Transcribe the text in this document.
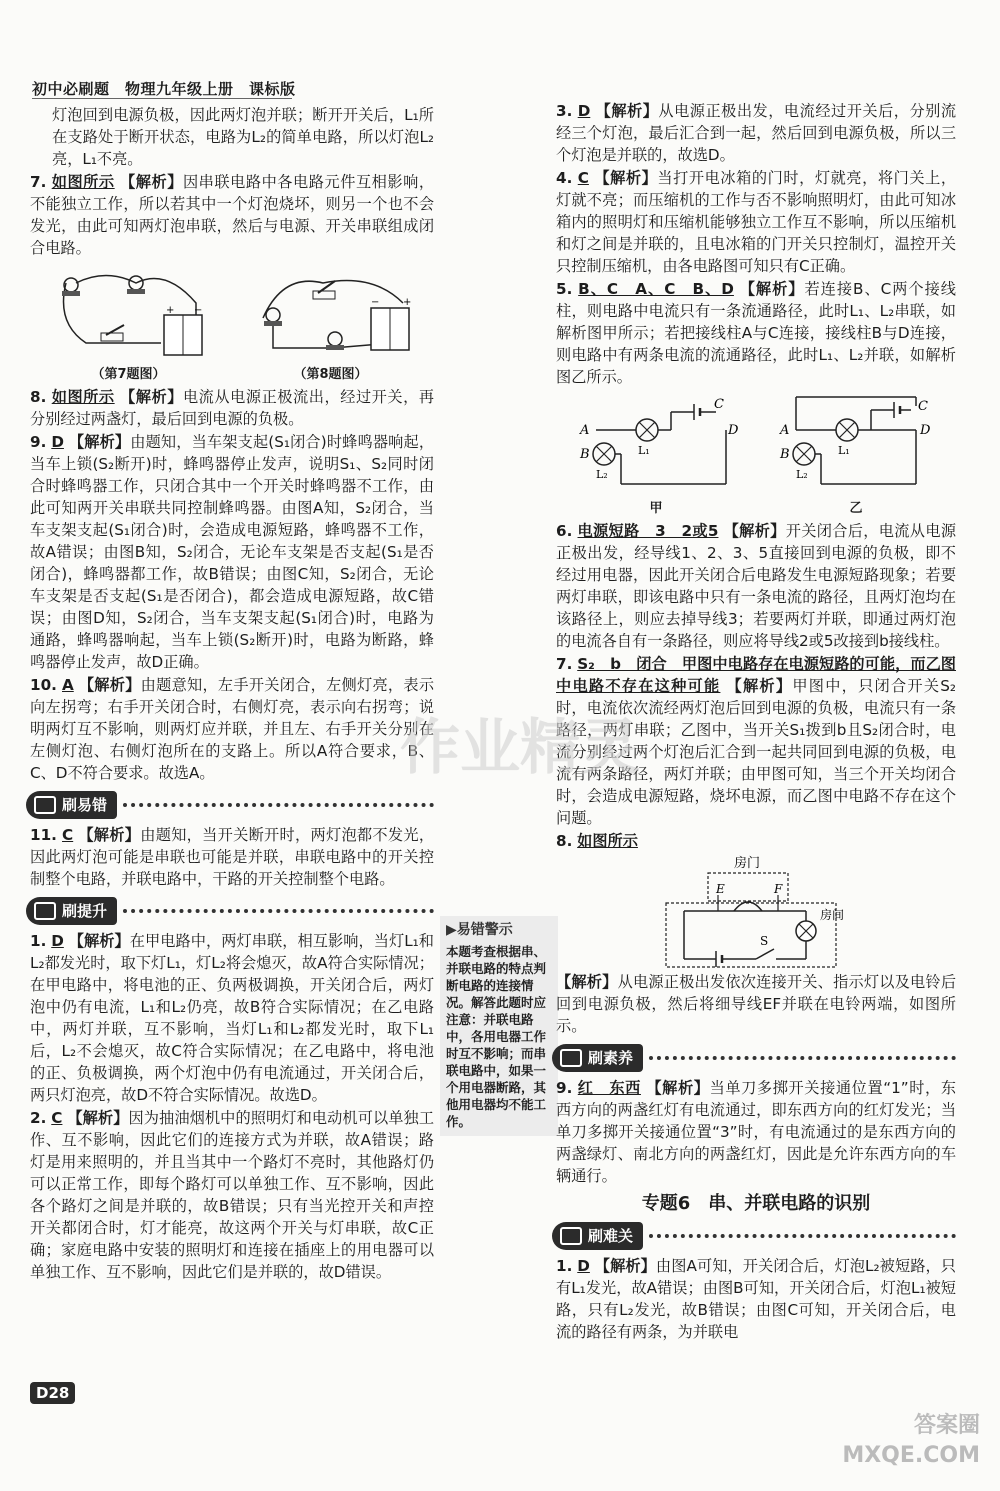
初中必刷题　物理九年级上册　课标版

灯泡回到电源负极，因此两灯泡并联；断开开关后，L₁所在支路处于断开状态，电路为L₂的简单电路，所以灯泡L₂亮，L₁不亮。

7. 如图所示 【解析】因串联电路中各电路元件互相影响，不能独立工作，所以若其中一个灯泡烧坏，则另一个也不会发光，由此可知两灯泡串联，然后与电源、开关串联组成闭合电路。

+ −
（第7题图）
− +
（第8题图）

8. 如图所示 【解析】电流从电源正极流出，经过开关，再分别经过两盏灯，最后回到电源的负极。

9. D 【解析】由题知，当车架支起(S₁闭合)时蜂鸣器响起，当车上锁(S₂断开)时，蜂鸣器停止发声，说明S₁、S₂同时闭合时蜂鸣器工作，只闭合其中一个开关时蜂鸣器不工作，由此可知两开关串联共同控制蜂鸣器。由图A知，S₂闭合，当车支架支起(S₁闭合)时，会造成电源短路，蜂鸣器不工作，故A错误；由图B知，S₂闭合，无论车支架是否支起(S₁是否闭合)，蜂鸣器都工作，故B错误；由图C知，S₂闭合，无论车支架是否支起(S₁是否闭合)，都会造成电源短路，故C错误；由图D知，S₂闭合，当车支架支起(S₁闭合)时，电路为通路，蜂鸣器响起，当车上锁(S₂断开)时，电路为断路，蜂鸣器停止发声，故D正确。

10. A 【解析】由题意知，左手开关闭合，左侧灯亮，表示向左拐弯；右手开关闭合时，右侧灯亮，表示向右拐弯；说明两灯互不影响，则两灯应并联，并且左、右手开关分别在左侧灯泡、右侧灯泡所在的支路上。所以A符合要求，B、C、D不符合要求。故选A。

刷易错

11. C 【解析】由题知，当开关断开时，两灯泡都不发光，因此两灯泡可能是串联也可能是并联，串联电路中的开关控制整个电路，并联电路中，干路的开关控制整个电路。

刷提升

1. D 【解析】在甲电路中，两灯串联，相互影响，当灯L₁和L₂都发光时，取下灯L₁，灯L₂将会熄灭，故A符合实际情况；在甲电路中，将电池的正、负两极调换，开关闭合后，两灯泡中仍有电流，L₁和L₂仍亮，故B符合实际情况；在乙电路中，两灯并联，互不影响，当灯L₁和L₂都发光时，取下L₁后，L₂不会熄灭，故C符合实际情况；在乙电路中，将电池的正、负极调换，两个灯泡中仍有电流通过，开关闭合后，两只灯泡亮，故D不符合实际情况。故选D。

2. C 【解析】因为抽油烟机中的照明灯和电动机可以单独工作、互不影响，因此它们的连接方式为并联，故A错误；路灯是用来照明的，并且当其中一个路灯不亮时，其他路灯仍可以正常工作，即每个路灯可以单独工作、互不影响，因此各个路灯之间是并联的，故B错误；只有当光控开关和声控开关都闭合时，灯才能亮，故这两个开关与灯串联，故C正确；家庭电路中安装的照明灯和连接在插座上的用电器可以单独工作、互不影响，因此它们是并联的，故D错误。

▶易错警示
本题考查根据串、并联电路的特点判断电路的连接情况。解答此题时应注意：并联电路中，各用电器工作时互不影响；而串联电路中，如果一个用电器断路，其他用电器均不能工作。

3. D 【解析】从电源正极出发，电流经过开关后，分别流经三个灯泡，最后汇合到一起，然后回到电源负极，所以三个灯泡是并联的，故选D。

4. C 【解析】当打开电冰箱的门时，灯就亮，将门关上，灯就不亮；而压缩机的工作与否不影响照明灯，由此可知冰箱内的照明灯和压缩机能够独立工作互不影响，所以压缩机和灯之间是并联的，且电冰箱的门开关只控制灯，温控开关只控制压缩机，由各电路图可知只有C正确。

5. B、C　A、C　B、D 【解析】若连接B、C两个接线柱，则电路中电流只有一条流通路径，此时L₁、L₂串联，如解析图甲所示；若把接线柱A与C连接，接线柱B与D连接，则电路中有两条电流的流通路径，此时L₁、L₂并联，如解析图乙所示。

A
B
C
D
L₁
L₂
甲
A
B
C
D
L₁
L₂
乙

6. 电源短路　3　2或5 【解析】开关闭合后，电流从电源正极出发，经导线1、2、3、5直接回到电源的负极，即不经过用电器，因此开关闭合后电路发生电源短路现象；若要两灯串联，即该电路中只有一条电流的路径，且两灯泡均在该路径上，则应去掉导线3；若要两灯并联，即通过两灯泡的电流各自有一条路径，则应将导线2或5改接到b接线柱。

7. S₂　b　闭合　甲图中电路存在电源短路的可能，而乙图中电路不存在这种可能 【解析】甲图中，只闭合开关S₂时，电流依次流经两灯泡后回到电源的负极，电流只有一条路径，两灯串联；乙图中，当开关S₁拨到b且S₂闭合时，电流分别经过两个灯泡后汇合到一起共同回到电源的负极，电流有两条路径，两灯并联；由甲图可知，当三个开关均闭合时，会造成电源短路，烧坏电源，而乙图中电路不存在这个问题。

8. 如图所示

房门
E	F
S
房间

【解析】从电源正极出发依次连接开关、指示灯以及电铃后回到电源负极，然后将细导线EF并联在电铃两端，如图所示。

刷素养

9. 红　东西 【解析】当单刀多掷开关接通位置“1”时，东西方向的两盏红灯有电流通过，即东西方向的红灯发光；当单刀多掷开关接通位置“3”时，有电流通过的是东西方向的两盏绿灯、南北方向的两盏红灯，因此是允许东西方向的车辆通行。

专题6　串、并联电路的识别
刷难关

1. D 【解析】由图A可知，开关闭合后，灯泡L₂被短路，只有L₁发光，故A错误；由图B可知，开关闭合后，灯泡L₁被短路，只有L₂发光，故B错误；由图C可知，开关闭合后，电流的路径有两条，为并联电

D28
作业精灵
答案圈
MXQE.COM
